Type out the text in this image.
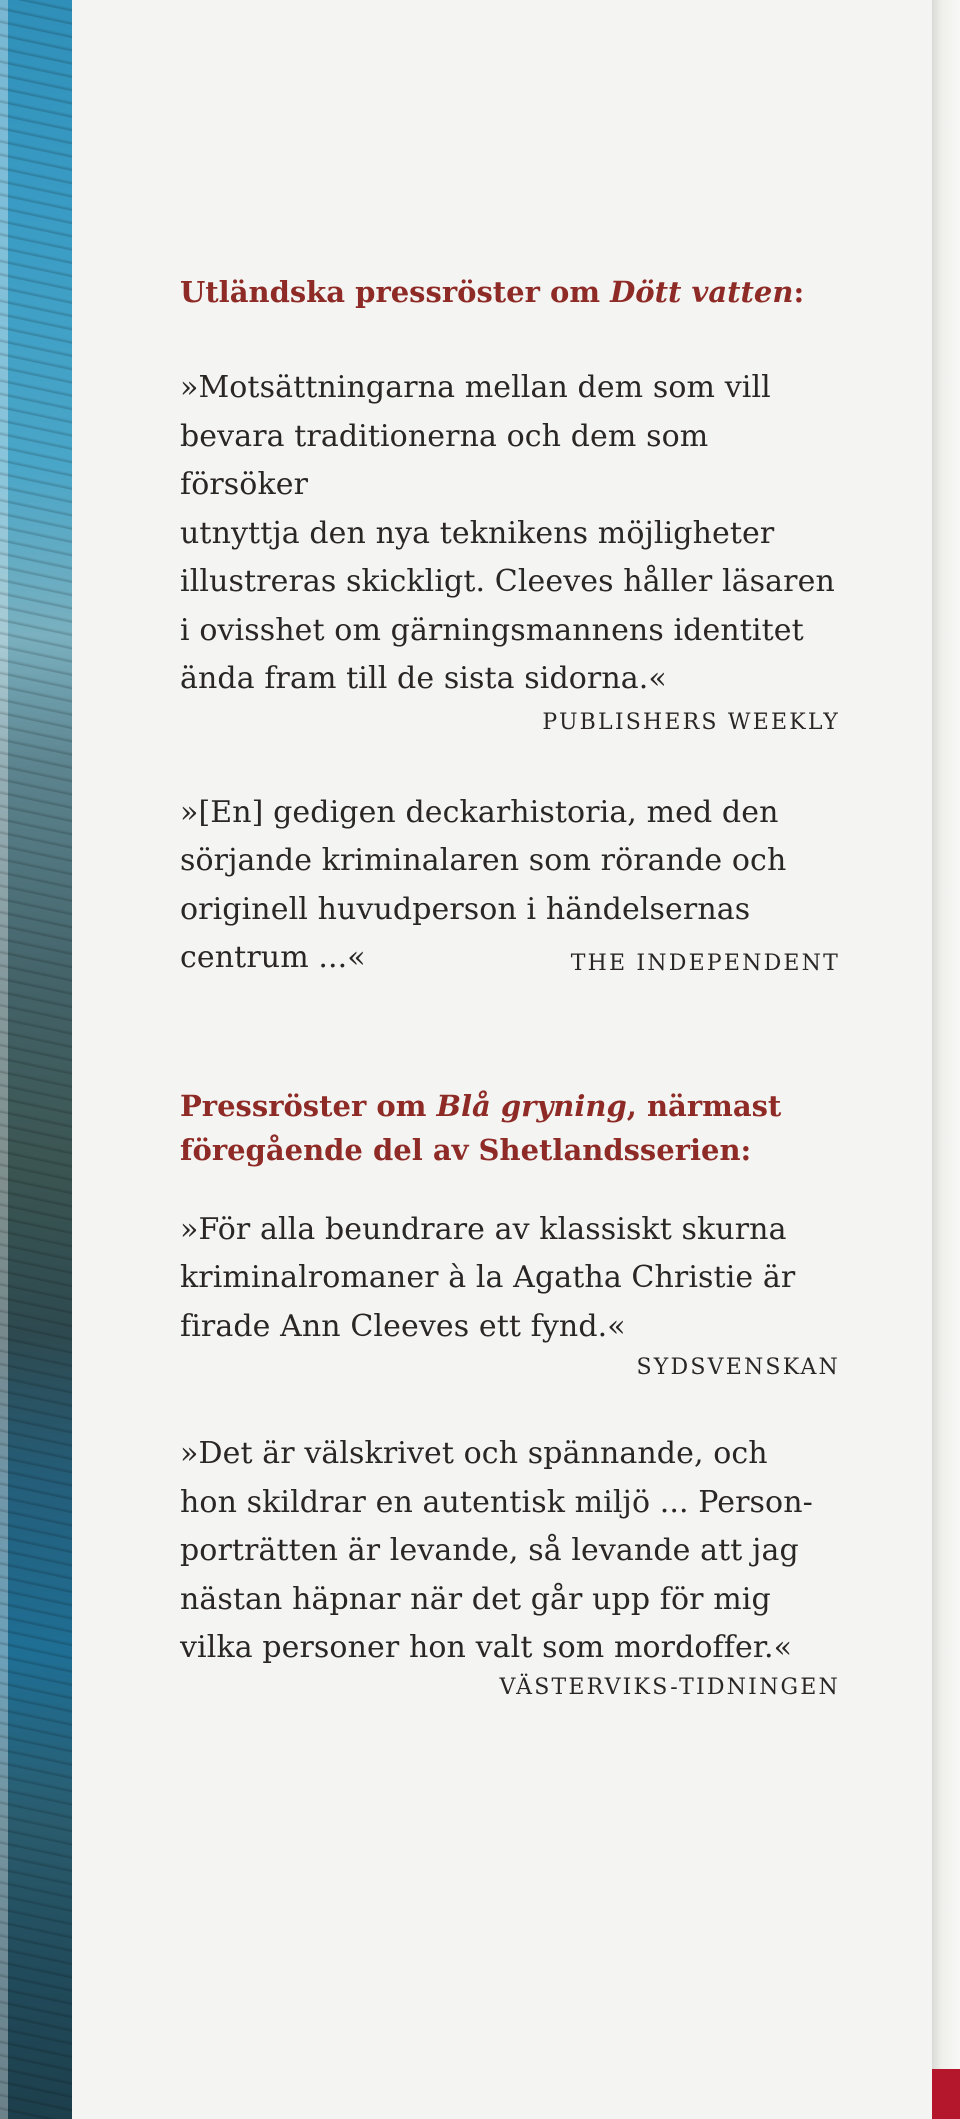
Utländska pressröster om Dött vatten:

»Motsättningarna mellan dem som vill
bevara traditionerna och dem som försöker
utnyttja den nya teknikens möjligheter
illustreras skickligt. Cleeves håller läsaren
i ovisshet om gärningsmannens identitet
ända fram till de sista sidorna.«

PUBLISHERS WEEKLY

»[En] gedigen deckarhistoria, med den
sörjande kriminalaren som rörande och
originell huvudperson i händelsernas
centrum ...«	THE INDEPENDENT

Pressröster om Blå gryning, närmast

föregående del av Shetlandsserien:

»För alla beundrare av klassiskt skurna
kriminalromaner à la Agatha Christie är
firade Ann Cleeves ett fynd.«

SYDSVENSKAN

»Det är välskrivet och spännande, och
hon skildrar en autentisk miljö ... Person-
porträtten är levande, så levande att jag
nästan häpnar när det går upp för mig
vilka personer hon valt som mordoffer.«

VÄSTERVIKS-TIDNINGEN
